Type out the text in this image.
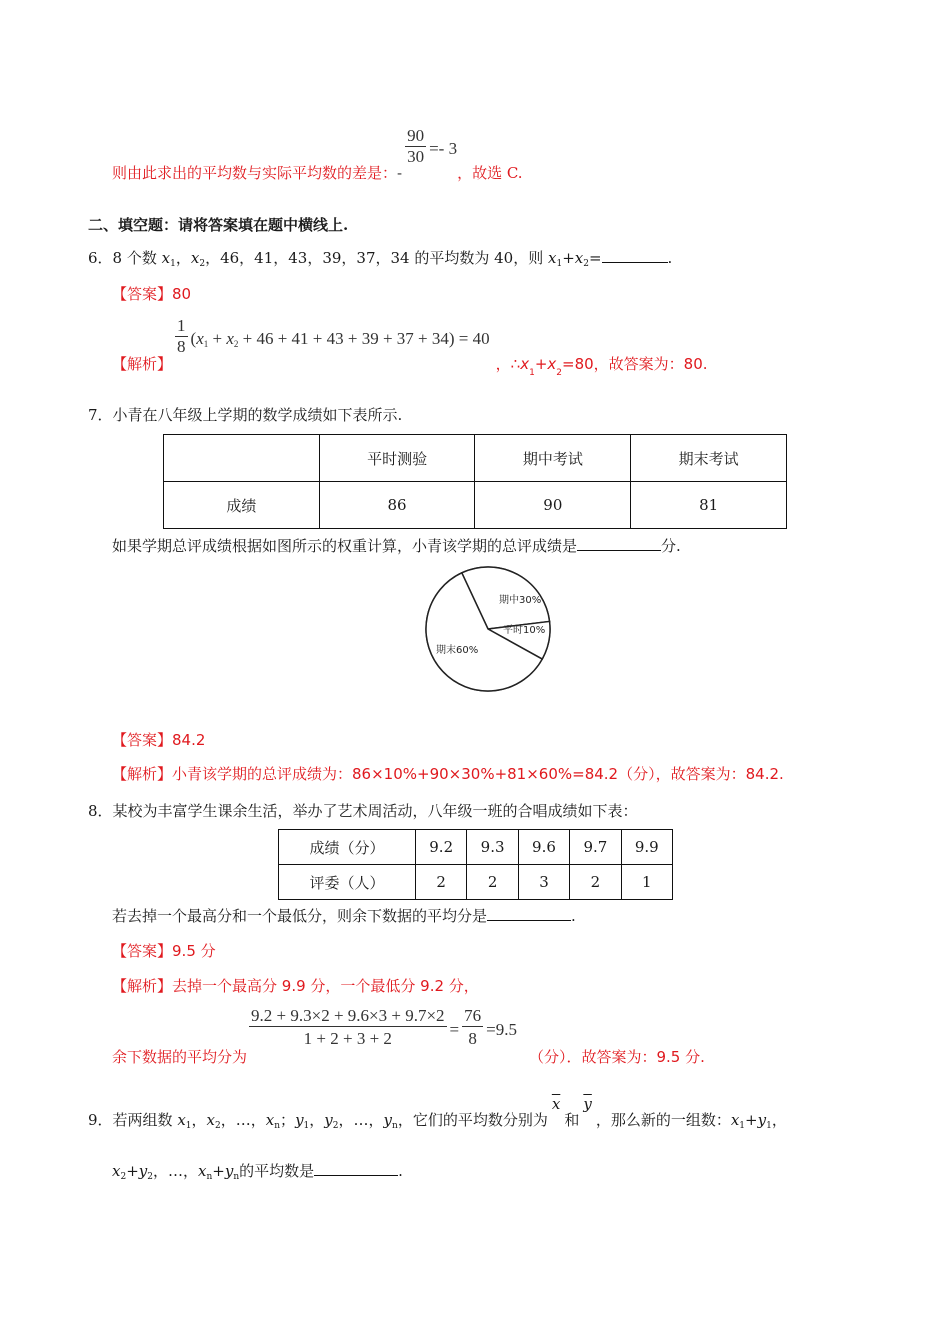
则由此求出的平均数与实际平均数的差是：-
$\frac{90}{30} =- 3$，故选 C.
二、填空题：请将答案填在题中横线上.
6．8 个数 $x_1$，$x_2$，46，41，43，39，37，34 的平均数为 40，则 $x_1+x_2=$	.
【答案】80
【解析】
$\frac{1}{8} (x_1 + x_2 + 46 + 41 + 43 + 39 + 37 + 34) = 40$，$\therefore x_1+x_2=80$，故答案为：80.
7．小青在八年级上学期的数学成绩如下表所示.
	平时测验	期中考试	期末考试
成绩	86	90	81
如果学期总评成绩根据如图所示的权重计算，小青该学期的总评成绩是	分.
期中30%
平时10%
期末60%
【答案】84.2
【解析】小青该学期的总评成绩为：86×10%+90×30%+81×60%=84.2（分），故答案为：84.2.
8．某校为丰富学生课余生活，举办了艺术周活动，八年级一班的合唱成绩如下表：
成绩（分）	9.2	9.3	9.6	9.7	9.9
评委（人）	2	2	3	2	1
若去掉一个最高分和一个最低分，则余下数据的平均分是	.
【答案】9.5 分
【解析】去掉一个最高分 9.9 分，一个最低分 9.2 分，
余下数据的平均分为
$\frac{9.2 + 9.3\times 2 + 9.6\times 3 + 9.7\times 2}{1 + 2 + 3 + 2} = \frac{76}{8} =9.5$（分）．故答案为：9.5 分.
9．若两组数 $x_1$，$x_2$，…，$x_n$；$y_1$，$y_2$，…，$y_n$，它们的平均数分别为$\overline{x}$和$\overline{y}$，那么新的一组数：$x_1+y_1$，
$x_2+y_2$，…，$x_n+y_n$的平均数是	.
